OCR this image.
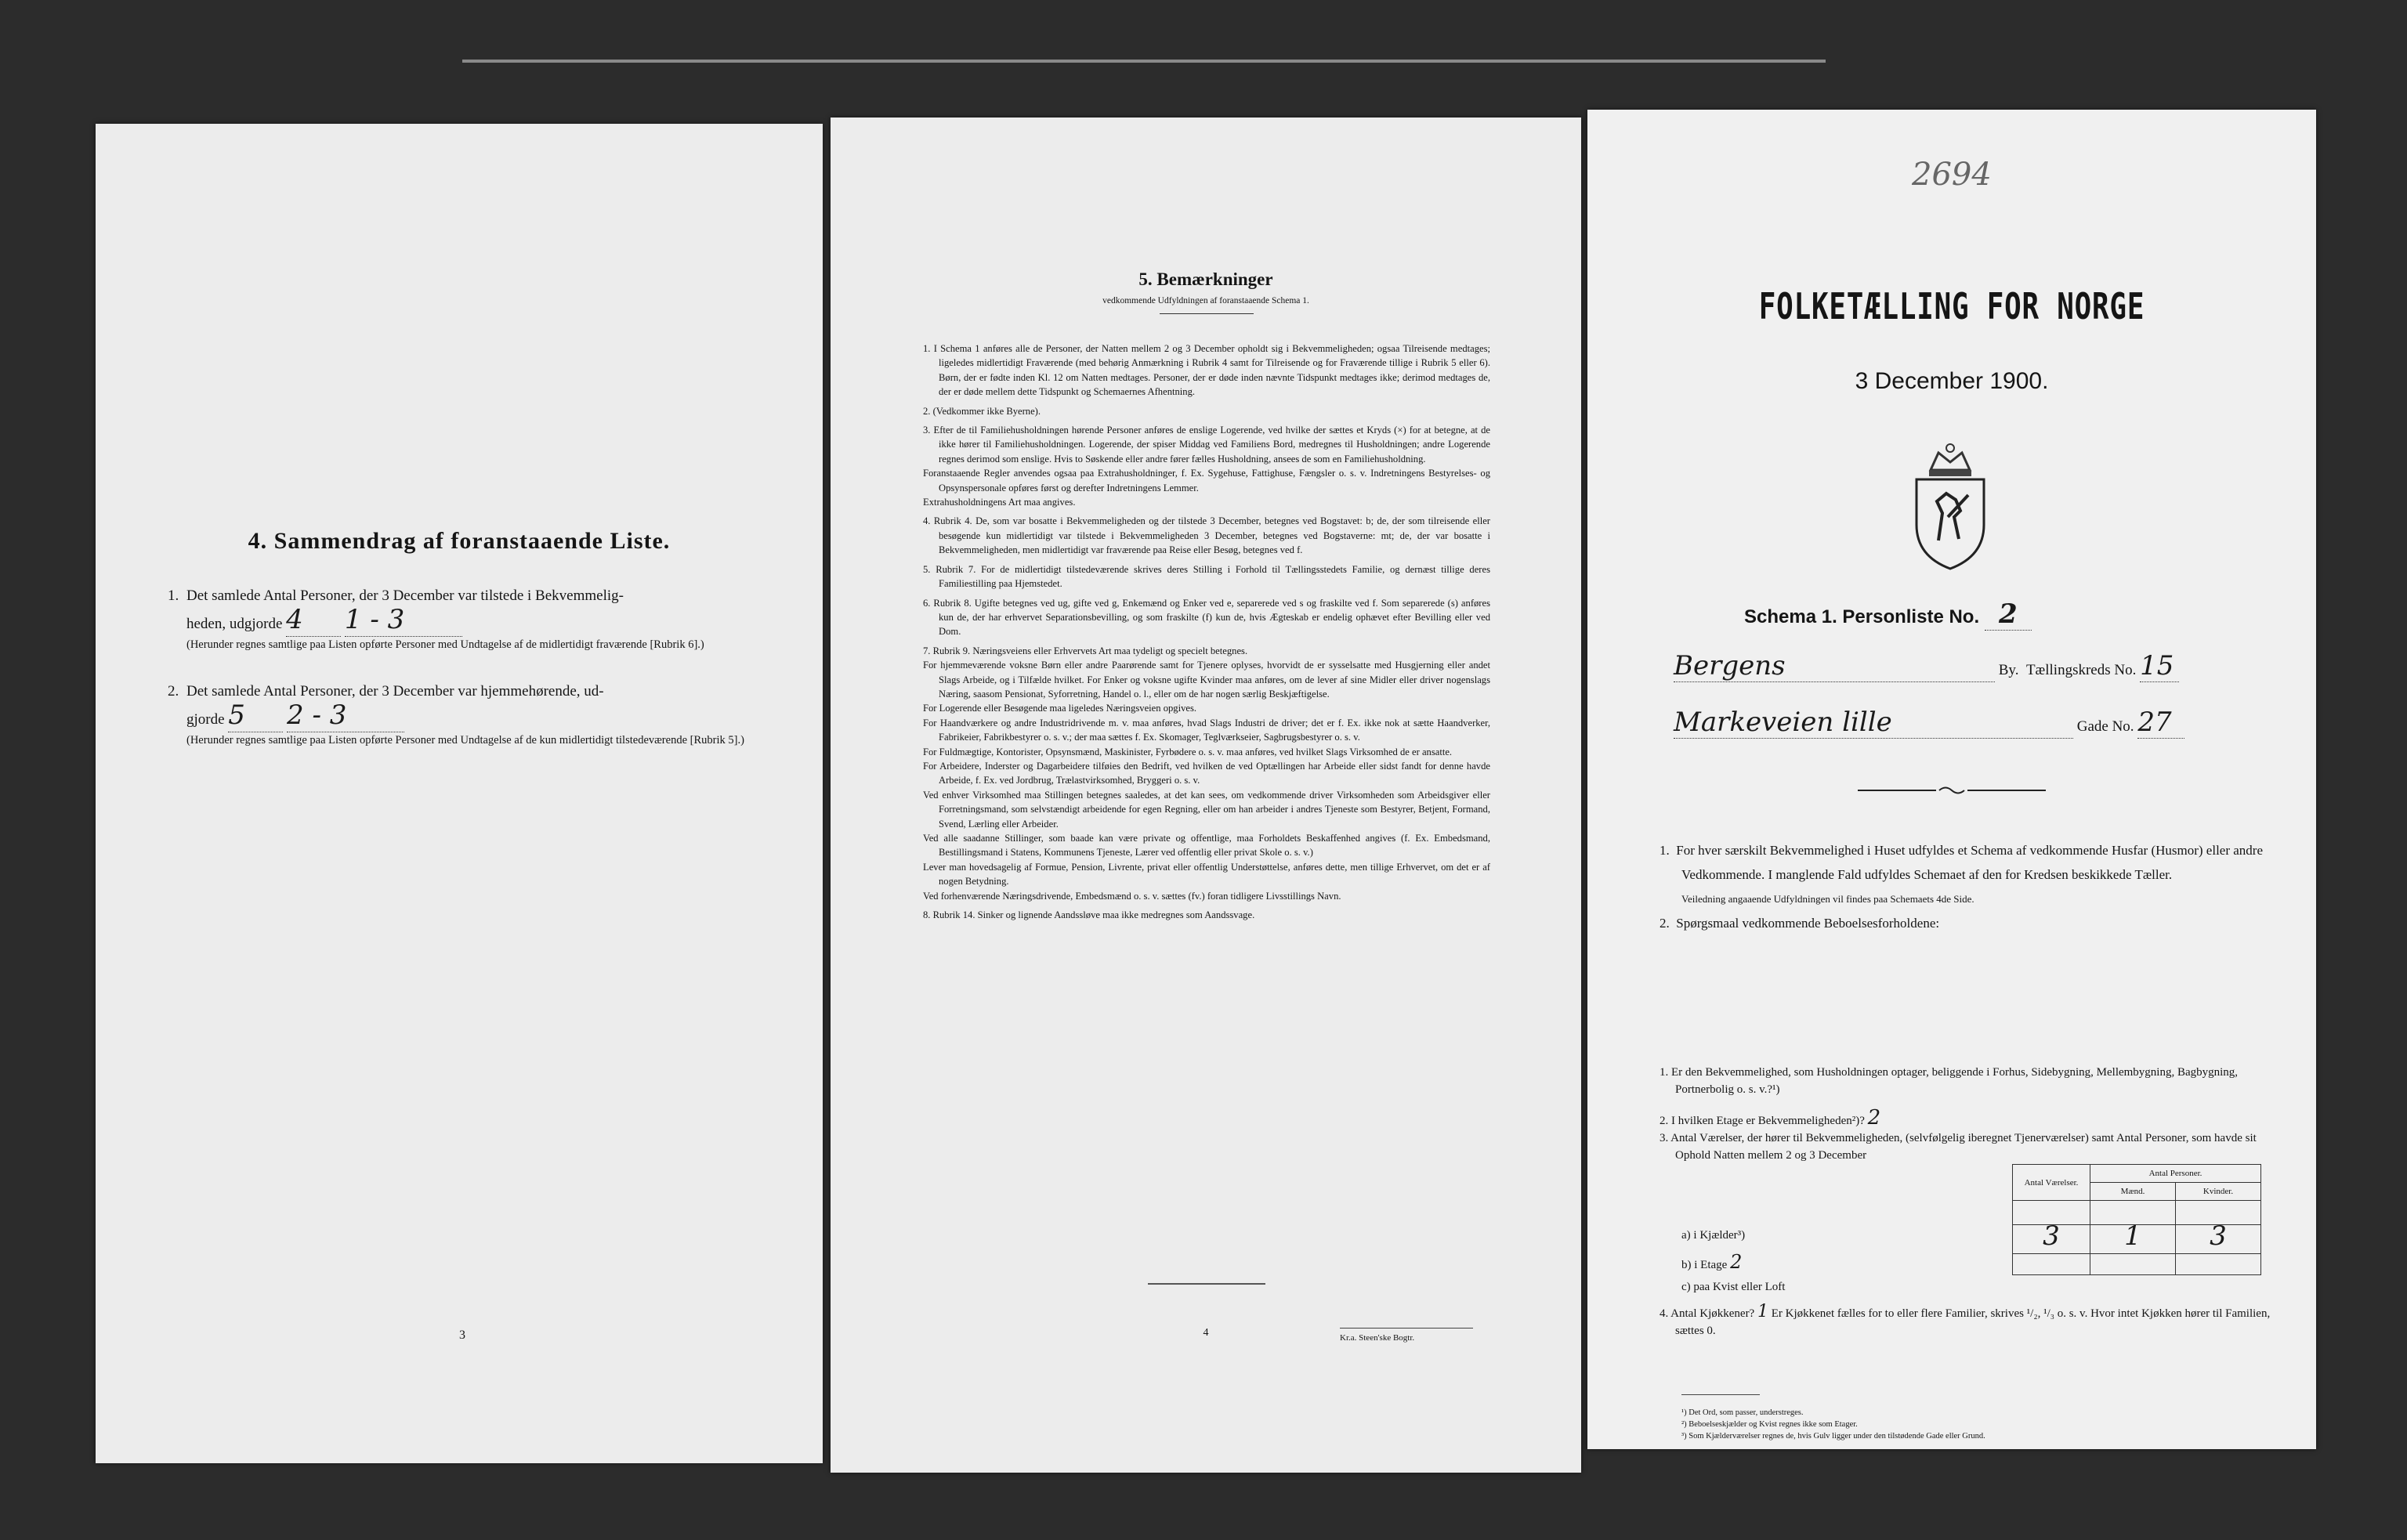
4. Sammendrag af foranstaaende Liste.
1. Det samlede Antal Personer, der 3 December var tilstede i Bekvemmelig-
heden, udgjorde 4 1 - 3
(Herunder regnes samtlige paa Listen opførte Personer med Undtagelse af de midlertidigt fraværende [Rubrik 6].)
2. Det samlede Antal Personer, der 3 December var hjemmehørende, ud-
gjorde 5 2 - 3
(Herunder regnes samtlige paa Listen opførte Personer med Undtagelse af de kun midlertidigt tilstedeværende [Rubrik 5].)
3
5. Bemærkninger
vedkommende Udfyldningen af foranstaaende Schema 1.

1. I Schema 1 anføres alle de Personer, der Natten mellem 2 og 3 December opholdt sig i Bekvemmeligheden; ogsaa Tilreisende medtages; ligeledes midlertidigt Fraværende (med behørig Anmærkning i Rubrik 4 samt for Tilreisende og for Fraværende tillige i Rubrik 5 eller 6). Børn, der er fødte inden Kl. 12 om Natten medtages. Personer, der er døde inden nævnte Tidspunkt medtages ikke; derimod medtages de, der er døde mellem dette Tidspunkt og Schemaernes Afhentning.

2. (Vedkommer ikke Byerne).

3. Efter de til Familiehusholdningen hørende Personer anføres de enslige Logerende, ved hvilke der sættes et Kryds (×) for at betegne, at de ikke hører til Familiehusholdningen. Logerende, der spiser Middag ved Familiens Bord, medregnes til Husholdningen; andre Logerende regnes derimod som enslige. Hvis to Søskende eller andre fører fælles Husholdning, ansees de som en Familiehusholdning.

Foranstaaende Regler anvendes ogsaa paa Extrahusholdninger, f. Ex. Sygehuse, Fattighuse, Fængsler o. s. v. Indretningens Bestyrelses- og Opsynspersonale opføres først og derefter Indretningens Lemmer.

Extrahusholdningens Art maa angives.

4. Rubrik 4. De, som var bosatte i Bekvemmeligheden og der tilstede 3 December, betegnes ved Bogstavet: b; de, der som tilreisende eller besøgende kun midlertidigt var tilstede i Bekvemmeligheden 3 December, betegnes ved Bogstaverne: mt; de, der var bosatte i Bekvemmeligheden, men midlertidigt var fraværende paa Reise eller Besøg, betegnes ved f.

5. Rubrik 7. For de midlertidigt tilstedeværende skrives deres Stilling i Forhold til Tællingsstedets Familie, og dernæst tillige deres Familiestilling paa Hjemstedet.

6. Rubrik 8. Ugifte betegnes ved ug, gifte ved g, Enkemænd og Enker ved e, separerede ved s og fraskilte ved f. Som separerede (s) anføres kun de, der har erhvervet Separationsbevilling, og som fraskilte (f) kun de, hvis Ægteskab er endelig ophævet efter Bevilling eller ved Dom.

7. Rubrik 9. Næringsveiens eller Erhvervets Art maa tydeligt og specielt betegnes.

For hjemmeværende voksne Børn eller andre Paarørende samt for Tjenere oplyses, hvorvidt de er sysselsatte med Husgjerning eller andet Slags Arbeide, og i Tilfælde hvilket. For Enker og voksne ugifte Kvinder maa anføres, om de lever af sine Midler eller driver nogenslags Næring, saasom Pensionat, Syforretning, Handel o. l., eller om de har nogen særlig Beskjæftigelse.

For Logerende eller Besøgende maa ligeledes Næringsveien opgives.

For Haandværkere og andre Industridrivende m. v. maa anføres, hvad Slags Industri de driver; det er f. Ex. ikke nok at sætte Haandverker, Fabrikeier, Fabrikbestyrer o. s. v.; der maa sættes f. Ex. Skomager, Teglværkseier, Sagbrugsbestyrer o. s. v.

For Fuldmægtige, Kontorister, Opsynsmænd, Maskinister, Fyrbødere o. s. v. maa anføres, ved hvilket Slags Virksomhed de er ansatte.

For Arbeidere, Inderster og Dagarbeidere tilføies den Bedrift, ved hvilken de ved Optællingen har Arbeide eller sidst fandt for denne havde Arbeide, f. Ex. ved Jordbrug, Trælastvirksomhed, Bryggeri o. s. v.

Ved enhver Virksomhed maa Stillingen betegnes saaledes, at det kan sees, om vedkommende driver Virksomheden som Arbeidsgiver eller Forretningsmand, som selvstændigt arbeidende for egen Regning, eller om han arbeider i andres Tjeneste som Bestyrer, Betjent, Formand, Svend, Lærling eller Arbeider.

Ved alle saadanne Stillinger, som baade kan være private og offentlige, maa Forholdets Beskaffenhed angives (f. Ex. Embedsmand, Bestillingsmand i Statens, Kommunens Tjeneste, Lærer ved offentlig eller privat Skole o. s. v.)

Lever man hovedsagelig af Formue, Pension, Livrente, privat eller offentlig Understøttelse, anføres dette, men tillige Erhvervet, om det er af nogen Betydning.

Ved forhenværende Næringsdrivende, Embedsmænd o. s. v. sættes (fv.) foran tidligere Livsstillings Navn.

8. Rubrik 14. Sinker og lignende Aandssløve maa ikke medregnes som Aandssvage.

4	Kr.a. Steen'ske Bogtr.
2694
FOLKETÆLLING FOR NORGE
3 December 1900.
Schema 1. Personliste No. 2
Bergens	By. Tællingskreds No. 15
Markeveien lille	Gade No. 27
1. For hver særskilt Bekvemmelighed i Huset udfyldes et Schema af vedkommende Husfar (Husmor) eller andre Vedkommende. I manglende Fald udfyldes Schemaet af den for Kredsen beskikkede Tæller.
Veiledning angaaende Udfyldningen vil findes paa Schemaets 4de Side.
2. Spørgsmaal vedkommende Beboelsesforholdene:
1. Er den Bekvemmelighed, som Husholdningen optager, beliggende i Forhus, Sidebygning, Mellembygning, Bagbygning, Portnerbolig o. s. v.?¹)
2. I hvilken Etage er Bekvemmeligheden²)? 2
3. Antal Værelser, der hører til Bekvemmeligheden, (selvfølgelig iberegnet Tjenerværelser) samt Antal Personer, som havde sit Ophold Natten mellem 2 og 3 December
Antal Værelser.	Antal Personer.	
	Mænd.	Kvinder.

3	1	3

a) i Kjælder³)
b) i Etage 2
c) paa Kvist eller Loft
4. Antal Kjøkkener? 1 Er Kjøkkenet fælles for to eller flere Familier, skrives ¹/₂, ¹/₃ o. s. v. Hvor intet Kjøkken hører til Familien, sættes 0.
¹) Det Ord, som passer, understreges.
²) Beboelseskjælder og Kvist regnes ikke som Etager.
³) Som Kjælderværelser regnes de, hvis Gulv ligger under den tilstødende Gade eller Grund.
